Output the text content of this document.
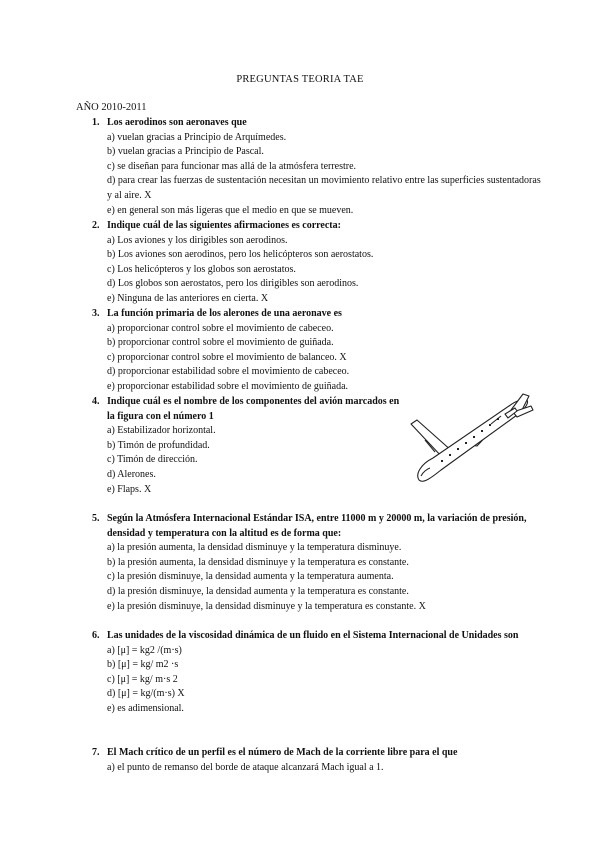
PREGUNTAS TEORIA TAE
AÑO 2010-2011
1. Los aerodinos son aeronaves que
a) vuelan gracias a Principio de Arquímedes.
b) vuelan gracias a Principio de Pascal.
c) se diseñan para funcionar mas allá de la atmósfera terrestre.
d) para crear las fuerzas de sustentación necesitan un movimiento relativo entre las superficies sustentadoras y al aire. X
e) en general son más ligeras que el medio en que se mueven.
2. Indique cuál de las siguientes afirmaciones es correcta:
a) Los aviones y los dirigibles son aerodinos.
b) Los aviones son aerodinos, pero los helicópteros son aerostatos.
c) Los helicópteros y los globos son aerostatos.
d) Los globos son aerostatos, pero los dirigibles son aerodinos.
e) Ninguna de las anteriores en cierta. X
3. La función primaria de los alerones de una aeronave es
a) proporcionar control sobre el movimiento de cabeceo.
b) proporcionar control sobre el movimiento de guiñada.
c) proporcionar control sobre el movimiento de balanceo. X
d) proporcionar estabilidad sobre el movimiento de cabeceo.
e) proporcionar estabilidad sobre el movimiento de guiñada.
4. Indique cuál es el nombre de los componentes del avión marcados en la figura con el número 1
a) Estabilizador horizontal.
b) Timón de profundidad.
c) Timón de dirección.
d) Alerones.
e) Flaps. X
5. Según la Atmósfera Internacional Estándar ISA, entre 11000 m y 20000 m, la variación de presión, densidad y temperatura con la altitud es de forma que:
a) la presión aumenta, la densidad disminuye y la temperatura disminuye.
b) la presión aumenta, la densidad disminuye y la temperatura es constante.
c) la presión disminuye, la densidad aumenta y la temperatura aumenta.
d) la presión disminuye, la densidad aumenta y la temperatura es constante.
e) la presión disminuye, la densidad disminuye y la temperatura es constante. X
6. Las unidades de la viscosidad dinámica de un fluido en el Sistema Internacional de Unidades son
a) [μ] = kg2 /(m·s)
b) [μ] = kg/ m2 ·s
c) [μ] = kg/ m·s 2
d) [μ] = kg/(m·s) X
e) es adimensional.
7. El Mach crítico de un perfil es el número de Mach de la corriente libre para el que
a) el punto de remanso del borde de ataque alcanzará Mach igual a 1.
